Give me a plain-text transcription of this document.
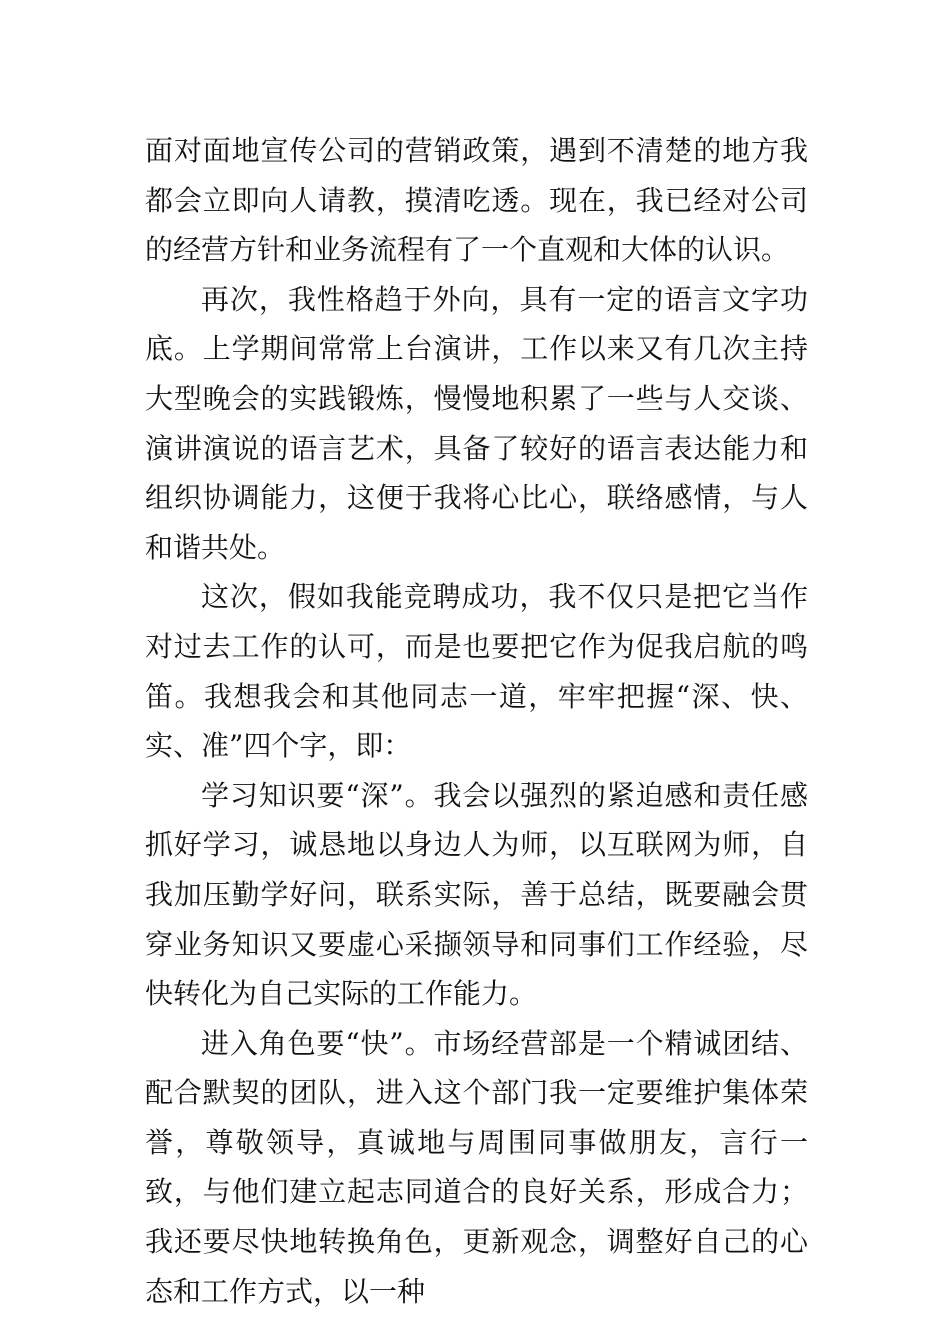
面对面地宣传公司的营销政策，遇到不清楚的地方我都会立即向人请教，摸清吃透。现在，我已经对公司的经营方针和业务流程有了一个直观和大体的认识。

再次，我性格趋于外向，具有一定的语言文字功底。上学期间常常上台演讲，工作以来又有几次主持大型晚会的实践锻炼，慢慢地积累了一些与人交谈、演讲演说的语言艺术，具备了较好的语言表达能力和组织协调能力，这便于我将心比心，联络感情，与人和谐共处。

这次，假如我能竞聘成功，我不仅只是把它当作对过去工作的认可，而是也要把它作为促我启航的鸣笛。我想我会和其他同志一道，牢牢把握“深、快、实、准”四个字，即：

学习知识要“深”。我会以强烈的紧迫感和责任感抓好学习，诚恳地以身边人为师，以互联网为师，自我加压勤学好问，联系实际，善于总结，既要融会贯穿业务知识又要虚心采撷领导和同事们工作经验，尽快转化为自己实际的工作能力。

进入角色要“快”。市场经营部是一个精诚团结、配合默契的团队，进入这个部门我一定要维护集体荣誉，尊敬领导，真诚地与周围同事做朋友，言行一致，与他们建立起志同道合的良好关系，形成合力；我还要尽快地转换角色，更新观念，调整好自己的心态和工作方式，以一种
